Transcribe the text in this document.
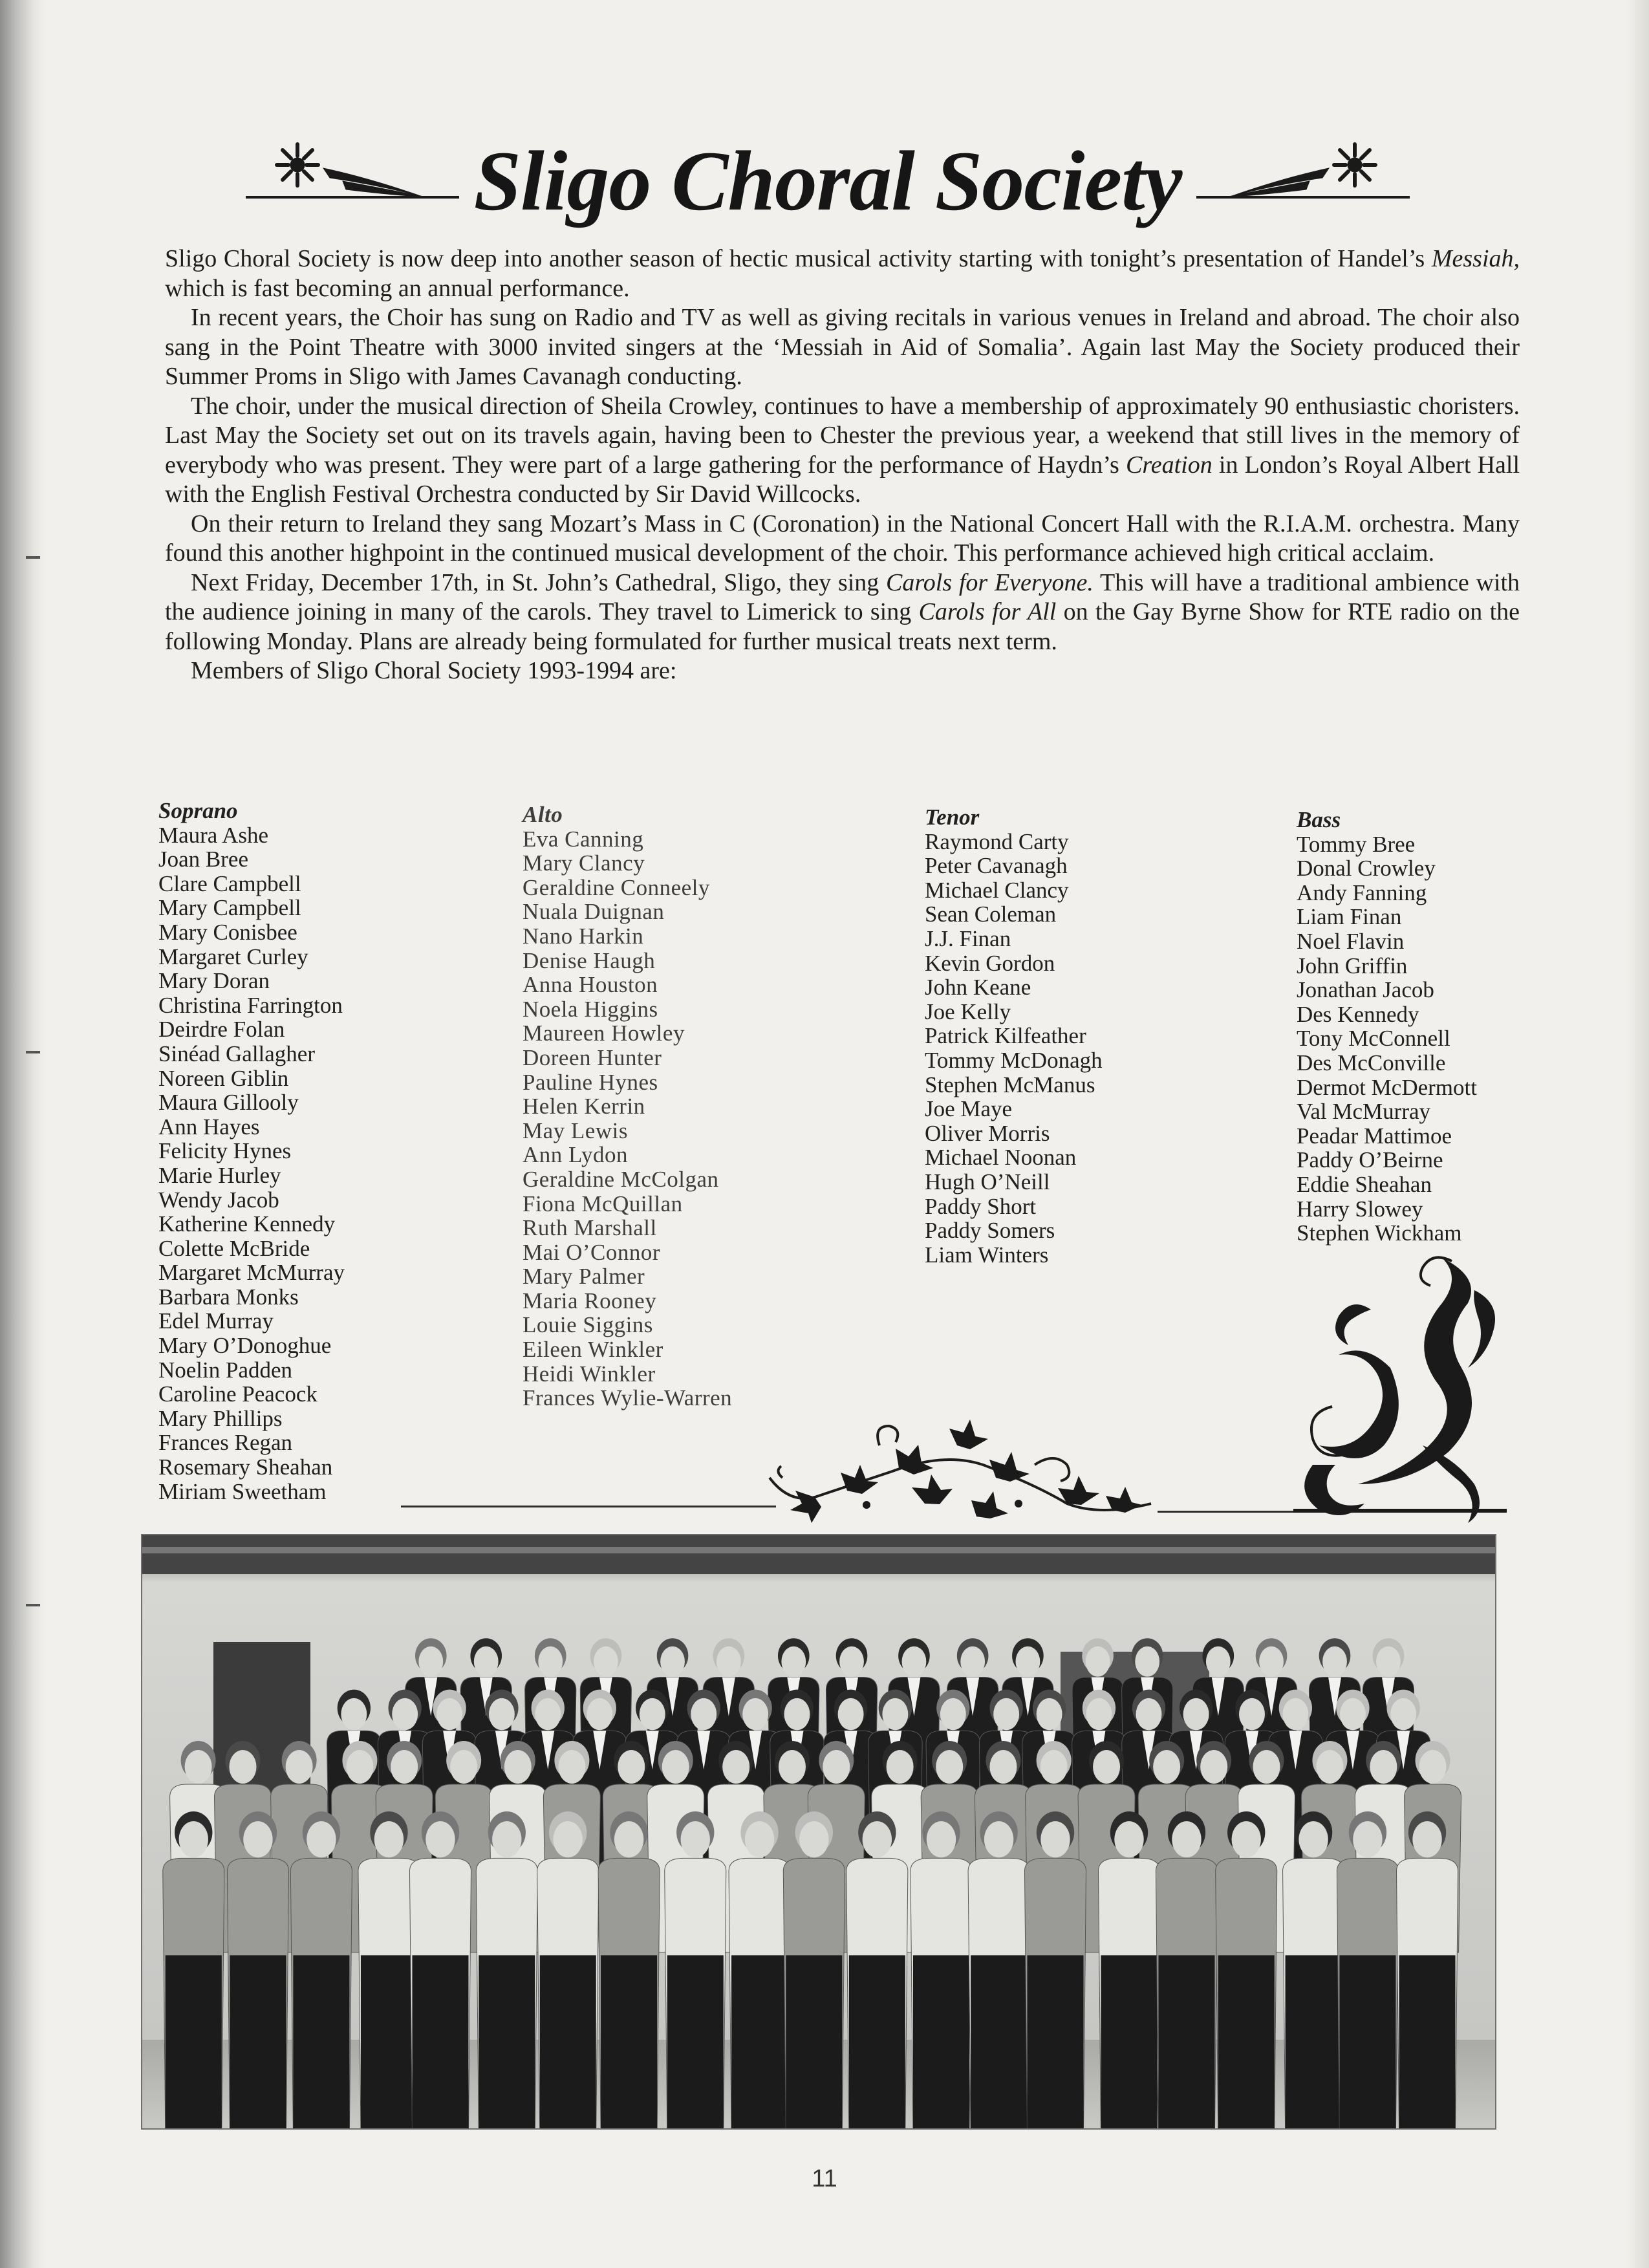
Sligo Choral Society

Sligo Choral Society is now deep into another season of hectic musical activity starting with tonight’s presentation of Handel’s Messiah, which is fast becoming an annual performance.

In recent years, the Choir has sung on Radio and TV as well as giving recitals in various venues in Ireland and abroad. The choir also sang in the Point Theatre with 3000 invited singers at the ‘Messiah in Aid of Somalia’. Again last May the Society produced their Summer Proms in Sligo with James Cavanagh conducting.

The choir, under the musical direction of Sheila Crowley, continues to have a membership of approximately 90 enthusiastic choristers. Last May the Society set out on its travels again, having been to Chester the previous year, a weekend that still lives in the memory of everybody who was present. They were part of a large gathering for the performance of Haydn’s Creation in London’s Royal Albert Hall with the English Festival Orchestra conducted by Sir David Willcocks.

On their return to Ireland they sang Mozart’s Mass in C (Coronation) in the National Concert Hall with the R.I.A.M. orchestra. Many found this another highpoint in the continued musical development of the choir. This performance achieved high critical acclaim.

Next Friday, December 17th, in St. John’s Cathedral, Sligo, they sing Carols for Everyone. This will have a traditional ambience with the audience joining in many of the carols. They travel to Limerick to sing Carols for All on the Gay Byrne Show for RTE radio on the following Monday. Plans are already being formulated for further musical treats next term.

Members of Sligo Choral Society 1993-1994 are:

Soprano
Maura Ashe
Joan Bree
Clare Campbell
Mary Campbell
Mary Conisbee
Margaret Curley
Mary Doran
Christina Farrington
Deirdre Folan
Sinéad Gallagher
Noreen Giblin
Maura Gillooly
Ann Hayes
Felicity Hynes
Marie Hurley
Wendy Jacob
Katherine Kennedy
Colette McBride
Margaret McMurray
Barbara Monks
Edel Murray
Mary O’Donoghue
Noelin Padden
Caroline Peacock
Mary Phillips
Frances Regan
Rosemary Sheahan
Miriam Sweetham
Alto
Eva Canning
Mary Clancy
Geraldine Conneely
Nuala Duignan
Nano Harkin
Denise Haugh
Anna Houston
Noela Higgins
Maureen Howley
Doreen Hunter
Pauline Hynes
Helen Kerrin
May Lewis
Ann Lydon
Geraldine McColgan
Fiona McQuillan
Ruth Marshall
Mai O’Connor
Mary Palmer
Maria Rooney
Louie Siggins
Eileen Winkler
Heidi Winkler
Frances Wylie-Warren
Tenor
Raymond Carty
Peter Cavanagh
Michael Clancy
Sean Coleman
J.J. Finan
Kevin Gordon
John Keane
Joe Kelly
Patrick Kilfeather
Tommy McDonagh
Stephen McManus
Joe Maye
Oliver Morris
Michael Noonan
Hugh O’Neill
Paddy Short
Paddy Somers
Liam Winters
Bass
Tommy Bree
Donal Crowley
Andy Fanning
Liam Finan
Noel Flavin
John Griffin
Jonathan Jacob
Des Kennedy
Tony McConnell
Des McConville
Dermot McDermott
Val McMurray
Peadar Mattimoe
Paddy O’Beirne
Eddie Sheahan
Harry Slowey
Stephen Wickham
11
